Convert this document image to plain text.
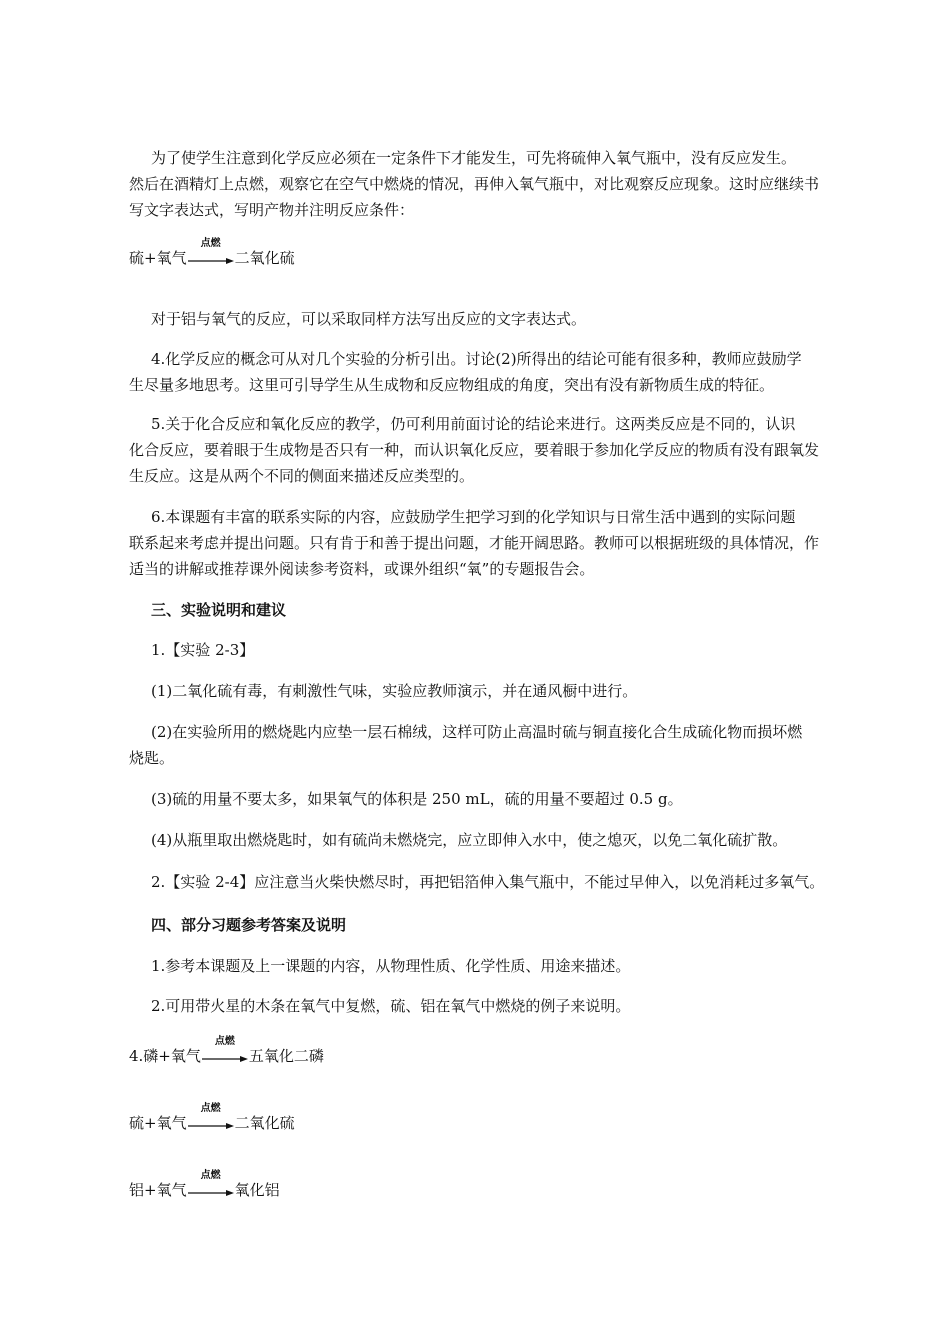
为了使学生注意到化学反应必须在一定条件下才能发生，可先将硫伸入氧气瓶中，没有反应发生。
然后在酒精灯上点燃，观察它在空气中燃烧的情况，再伸入氧气瓶中，对比观察反应现象。这时应继续书
写文字表达式，写明产物并注明反应条件：
硫+氧气
点燃
二氧化硫
对于铝与氧气的反应，可以采取同样方法写出反应的文字表达式。
4.化学反应的概念可从对几个实验的分析引出。讨论(2)所得出的结论可能有很多种，教师应鼓励学
生尽量多地思考。这里可引导学生从生成物和反应物组成的角度，突出有没有新物质生成的特征。
5.关于化合反应和氧化反应的教学，仍可利用前面讨论的结论来进行。这两类反应是不同的，认识
化合反应，要着眼于生成物是否只有一种，而认识氧化反应，要着眼于参加化学反应的物质有没有跟氧发
生反应。这是从两个不同的侧面来描述反应类型的。
6.本课题有丰富的联系实际的内容，应鼓励学生把学习到的化学知识与日常生活中遇到的实际问题
联系起来考虑并提出问题。只有肯于和善于提出问题，才能开阔思路。教师可以根据班级的具体情况，作
适当的讲解或推荐课外阅读参考资料，或课外组织“氧”的专题报告会。
三、实验说明和建议
1.【实验 2-3】
(1)二氧化硫有毒，有刺激性气味，实验应教师演示，并在通风橱中进行。
(2)在实验所用的燃烧匙内应垫一层石棉绒，这样可防止高温时硫与铜直接化合生成硫化物而损坏燃
烧匙。
(3)硫的用量不要太多，如果氧气的体积是 250 mL，硫的用量不要超过 0.5 g。
(4)从瓶里取出燃烧匙时，如有硫尚未燃烧完，应立即伸入水中，使之熄灭，以免二氧化硫扩散。
2.【实验 2-4】应注意当火柴快燃尽时，再把铝箔伸入集气瓶中，不能过早伸入，以免消耗过多氧气。
四、部分习题参考答案及说明
1.参考本课题及上一课题的内容，从物理性质、化学性质、用途来描述。
2.可用带火星的木条在氧气中复燃，硫、铝在氧气中燃烧的例子来说明。
4.磷+氧气
点燃
五氧化二磷
硫+氧气
点燃
二氧化硫
铝+氧气
点燃
氧化铝
